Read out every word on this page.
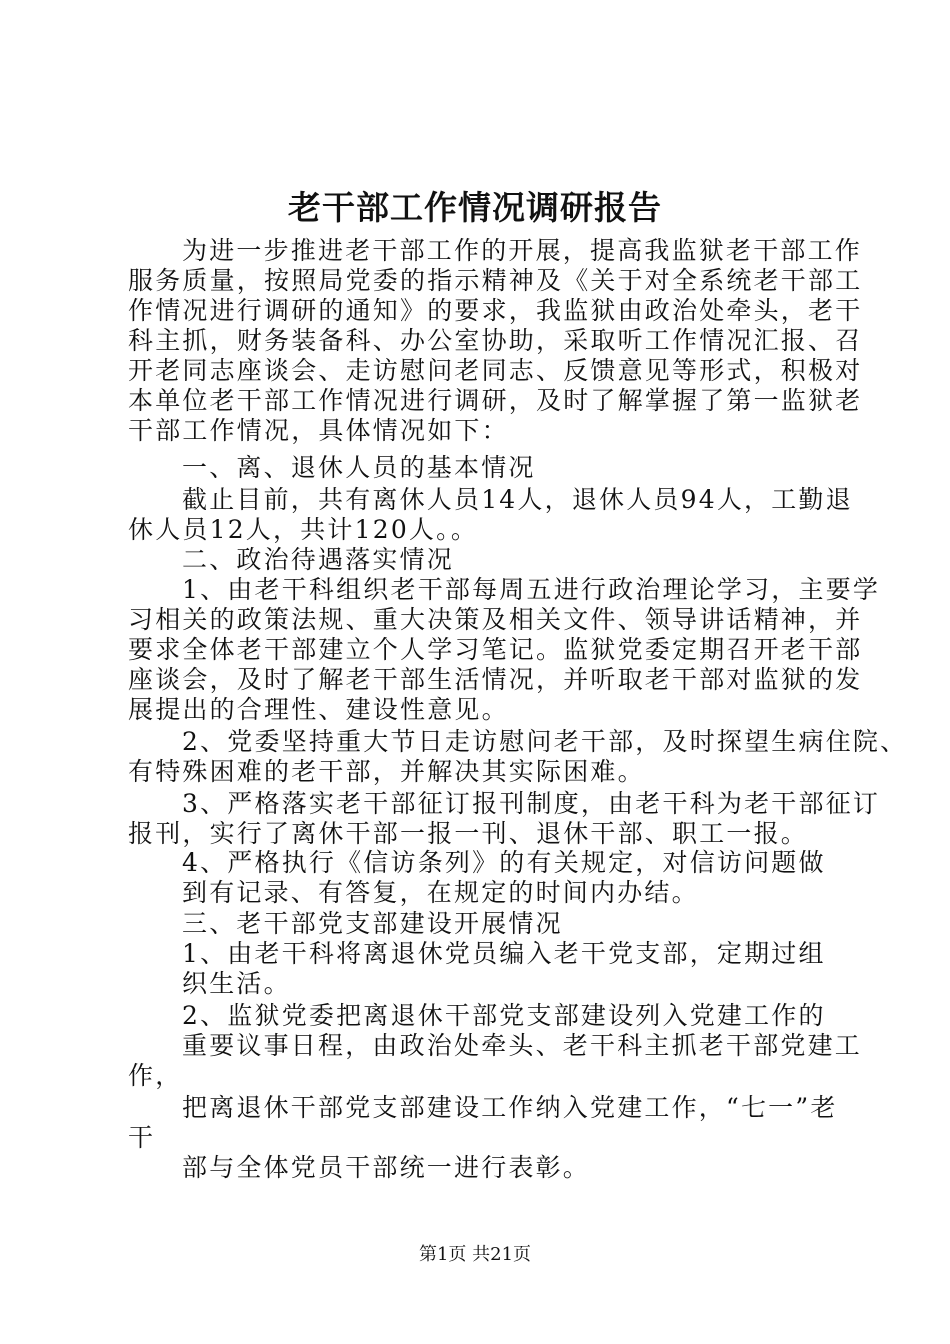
老干部工作情况调研报告
为进一步推进老干部工作的开展，提高我监狱老干部工作
服务质量，按照局党委的指示精神及《关于对全系统老干部工
作情况进行调研的通知》的要求，我监狱由政治处牵头，老干
科主抓，财务装备科、办公室协助，采取听工作情况汇报、召
开老同志座谈会、走访慰问老同志、反馈意见等形式，积极对
本单位老干部工作情况进行调研，及时了解掌握了第一监狱老
干部工作情况，具体情况如下：
一、离、退休人员的基本情况
截止目前，共有离休人员14人，退休人员94人，工勤退
休人员12人，共计120人。。
二、政治待遇落实情况
1、由老干科组织老干部每周五进行政治理论学习，主要学
习相关的政策法规、重大决策及相关文件、领导讲话精神，并
要求全体老干部建立个人学习笔记。监狱党委定期召开老干部
座谈会，及时了解老干部生活情况，并听取老干部对监狱的发
展提出的合理性、建设性意见。
2、党委坚持重大节日走访慰问老干部，及时探望生病住院、
有特殊困难的老干部，并解决其实际困难。
3、严格落实老干部征订报刊制度，由老干科为老干部征订
报刊，实行了离休干部一报一刊、退休干部、职工一报。
4、严格执行《信访条列》的有关规定，对信访问题做
到有记录、有答复，在规定的时间内办结。
三、老干部党支部建设开展情况
1、由老干科将离退休党员编入老干党支部，定期过组
织生活。
2、监狱党委把离退休干部党支部建设列入党建工作的
重要议事日程，由政治处牵头、老干科主抓老干部党建工
作，
把离退休干部党支部建设工作纳入党建工作，“七一”老
干
部与全体党员干部统一进行表彰。
第1页 共21页
